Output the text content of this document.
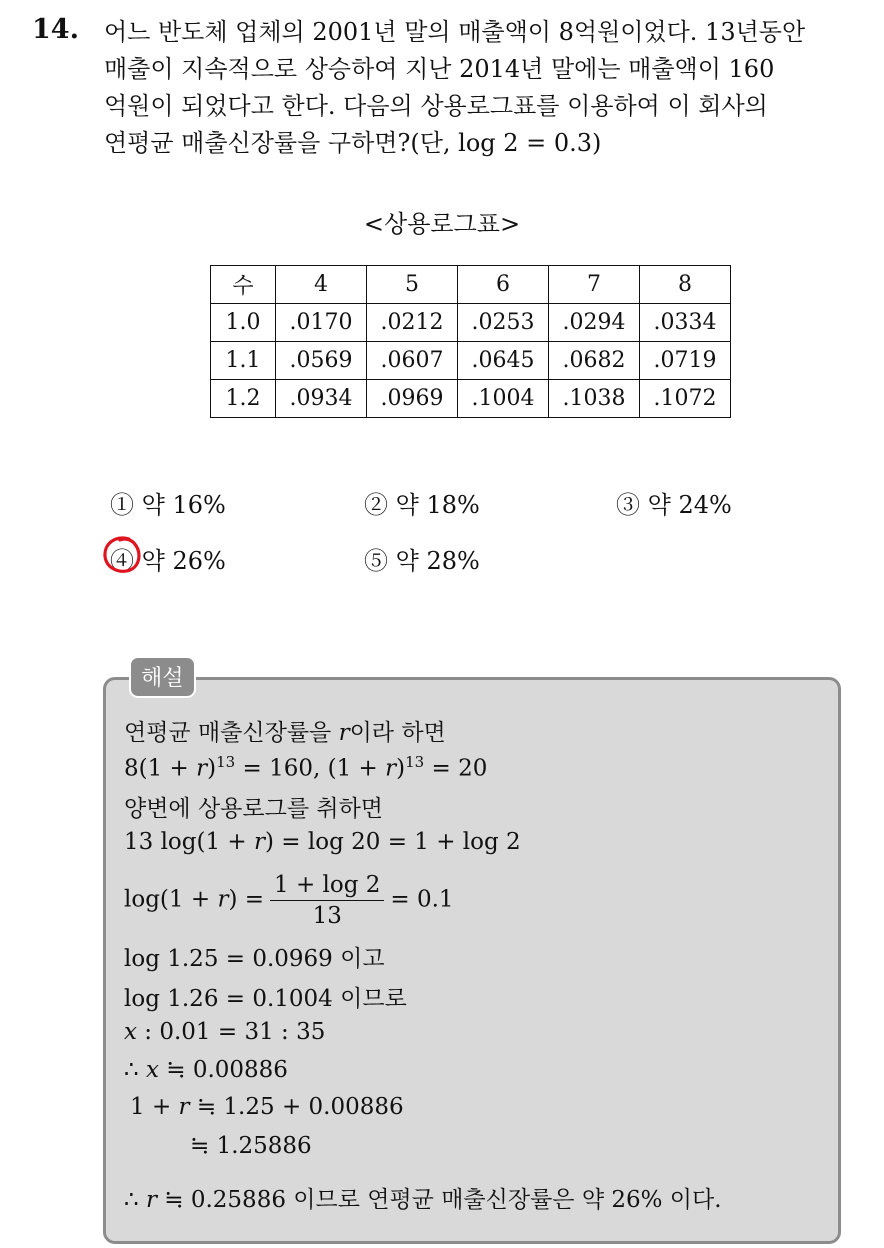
14. 어느 반도체 업체의 2001년 말의 매출액이 8억원이었다. 13년동안
매출이 지속적으로 상승하여 지난 2014년 말에는 매출액이 160
억원이 되었다고 한다. 다음의 상용로그표를 이용하여 이 회사의
연평균 매출신장률을 구하면?(단, log 2 = 0.3)
<상용로그표>
수	4	5	6	7	8
1.0	.0170	.0212	.0253	.0294	.0334
1.1	.0569	.0607	.0645	.0682	.0719
1.2	.0934	.0969	.1004	.1038	.1072
① 약 16%	② 약 18%	③ 약 24%
④ 약 26%	⑤ 약 28%
해설
연평균 매출신장률을 r이라 하면
$8(1 + r)^{13} = 160$, $(1 + r)^{13} = 20$
양변에 상용로그를 취하면
13 log(1 + r) = log 20 = 1 + log 2
$\log(1 + r) = \frac{1 + \log 2}{13} = 0.1$
log 1.25 = 0.0969 이고
log 1.26 = 0.1004 이므로
x : 0.01 = 31 : 35
∴ x ≒ 0.00886
1 + r ≒ 1.25 + 0.00886
≒ 1.25886
∴ r ≒ 0.25886 이므로 연평균 매출신장률은 약 26% 이다.
